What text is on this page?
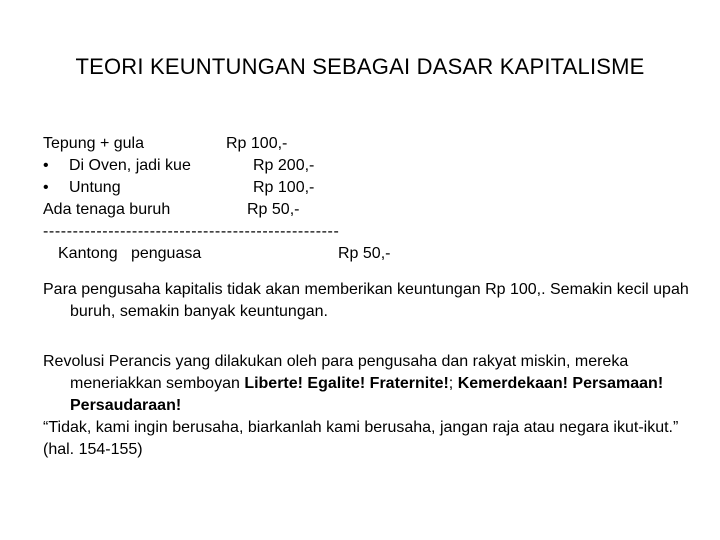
TEORI KEUNTUNGAN SEBAGAI DASAR KAPITALISME
Tepung + gula	Rp 100,-
• Di Oven, jadi kue	Rp 200,-
• Untung	Rp 100,-
Ada tenaga buruh	Rp 50,-
--------------------------------------------------
Kantong   penguasa	Rp 50,-

Para pengusaha kapitalis tidak akan memberikan keuntungan Rp 100,. Semakin kecil upah buruh, semakin banyak keuntungan.

Revolusi Perancis yang dilakukan oleh para pengusaha dan rakyat miskin, mereka meneriakkan semboyan Liberte! Egalite! Fraternite!; Kemerdekaan! Persamaan! Persaudaraan!

“Tidak, kami ingin berusaha, biarkanlah kami berusaha, jangan raja atau negara ikut-ikut.”

(hal. 154-155)
